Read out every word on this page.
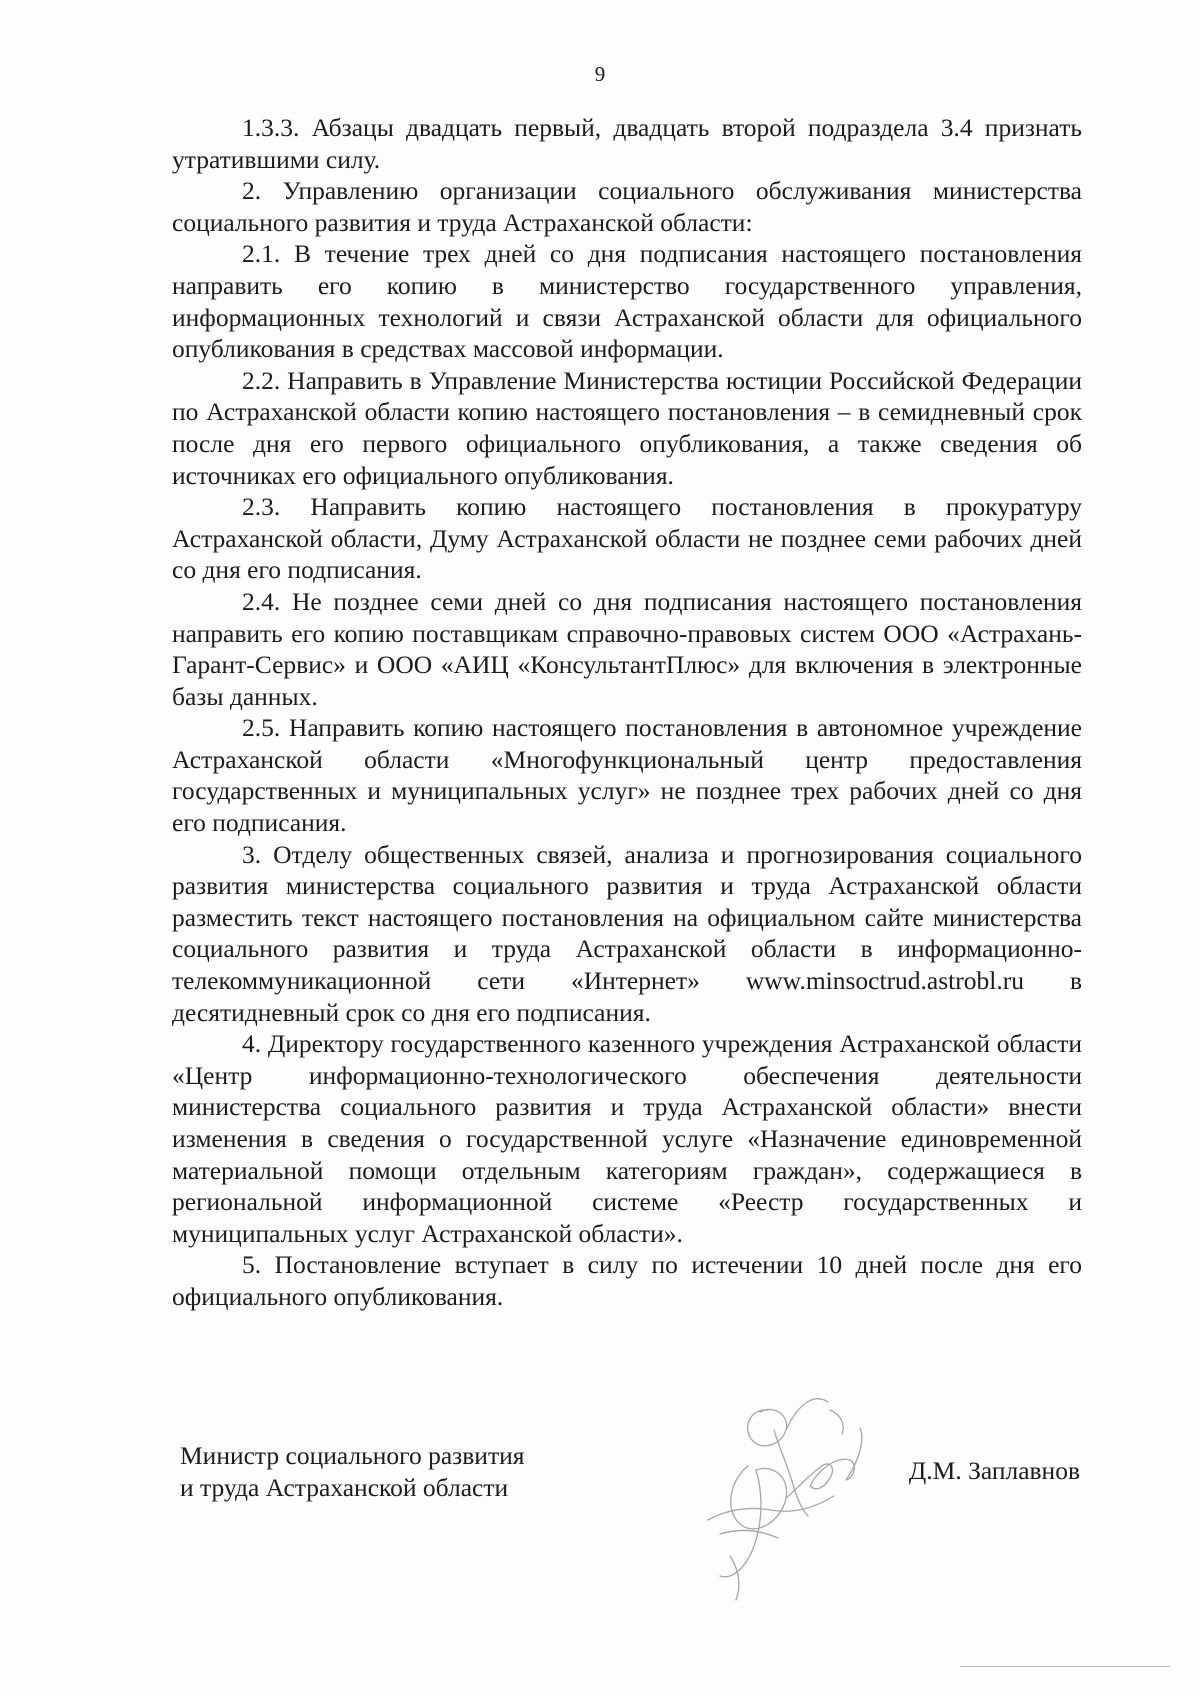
9

1.3.3. Абзацы двадцать первый, двадцать второй подраздела 3.4 признать утратившими силу.

2. Управлению организации социального обслуживания министерства социального развития и труда Астраханской области:

2.1. В течение трех дней со дня подписания настоящего постановления направить его копию в министерство государственного управления, информационных технологий и связи Астраханской области для официального опубликования в средствах массовой информации.

2.2. Направить в Управление Министерства юстиции Российской Федерации по Астраханской области копию настоящего постановления – в семидневный срок после дня его первого официального опубликования, а также сведения об источниках его официального опубликования.

2.3. Направить копию настоящего постановления в прокуратуру Астраханской области, Думу Астраханской области не позднее семи рабочих дней со дня его подписания.

2.4. Не позднее семи дней со дня подписания настоящего постановления направить его копию поставщикам справочно-правовых систем ООО «Астрахань-Гарант-Сервис» и ООО «АИЦ «КонсультантПлюс» для включения в электронные базы данных.

2.5. Направить копию настоящего постановления в автономное учреждение Астраханской области «Многофункциональный центр предоставления государственных и муниципальных услуг» не позднее трех рабочих дней со дня его подписания.

3. Отделу общественных связей, анализа и прогнозирования социального развития министерства социального развития и труда Астраханской области разместить текст настоящего постановления на официальном сайте министерства социального развития и труда Астраханской области в информационно-телекоммуникационной сети «Интернет» www.minsoctrud.astrobl.ru в десятидневный срок со дня его подписания.

4. Директору государственного казенного учреждения Астраханской области «Центр информационно-технологического обеспечения деятельности министерства социального развития и труда Астраханской области» внести изменения в сведения о государственной услуге «Назначение единовременной материальной помощи отдельным категориям граждан», содержащиеся в региональной информационной системе «Реестр государственных и муниципальных услуг Астраханской области».

5. Постановление вступает в силу по истечении 10 дней после дня его официального опубликования.

Министр социального развития
и труда Астраханской области
Д.М. Заплавнов
